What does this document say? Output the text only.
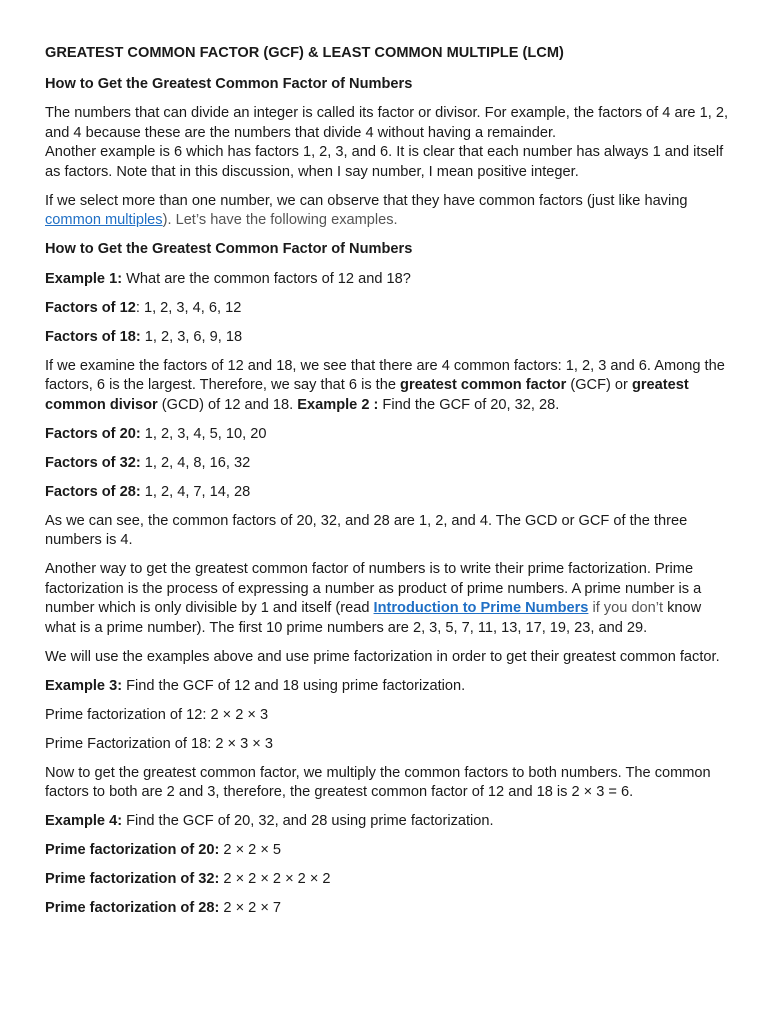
GREATEST COMMON FACTOR (GCF) & LEAST COMMON MULTIPLE (LCM)

How to Get the Greatest Common Factor of Numbers

The numbers that can divide an integer is called its factor or divisor. For example, the factors of 4 are 1, 2, and 4 because these are the numbers that divide 4 without having a remainder.
Another example is 6 which has factors 1, 2, 3, and 6. It is clear that each number has always 1 and itself as factors. Note that in this discussion, when I say number, I mean positive integer.

If we select more than one number, we can observe that they have common factors (just like having common multiples). Let’s have the following examples.

How to Get the Greatest Common Factor of Numbers

Example 1: What are the common factors of 12 and 18?

Factors of 12: 1, 2, 3, 4, 6, 12

Factors of 18: 1, 2, 3, 6, 9, 18

If we examine the factors of 12 and 18, we see that there are 4 common factors: 1, 2, 3 and 6. Among the factors, 6 is the largest. Therefore, we say that 6 is the greatest common factor (GCF) or greatest common divisor (GCD) of 12 and 18. Example 2 : Find the GCF of 20, 32, 28.

Factors of 20: 1, 2, 3, 4, 5, 10, 20

Factors of 32: 1, 2, 4, 8, 16, 32

Factors of 28: 1, 2, 4, 7, 14, 28

As we can see, the common factors of 20, 32, and 28 are 1, 2, and 4. The GCD or GCF of the three numbers is 4.

Another way to get the greatest common factor of numbers is to write their prime factorization. Prime factorization is the process of expressing a number as product of prime numbers. A prime number is a number which is only divisible by 1 and itself (read Introduction to Prime Numbers if you don’t know what is a prime number). The first 10 prime numbers are 2, 3, 5, 7, 11, 13, 17, 19, 23, and 29.

We will use the examples above and use prime factorization in order to get their greatest common factor.

Example 3: Find the GCF of 12 and 18 using prime factorization.

Prime factorization of 12: 2 × 2 × 3

Prime Factorization of 18: 2 × 3 × 3

Now to get the greatest common factor, we multiply the common factors to both numbers. The common factors to both are 2 and 3, therefore, the greatest common factor of 12 and 18 is 2 × 3 = 6.

Example 4: Find the GCF of 20, 32, and 28 using prime factorization.

Prime factorization of 20: 2 × 2 × 5

Prime factorization of 32: 2 × 2 × 2 × 2 × 2

Prime factorization of 28: 2 × 2 × 7
